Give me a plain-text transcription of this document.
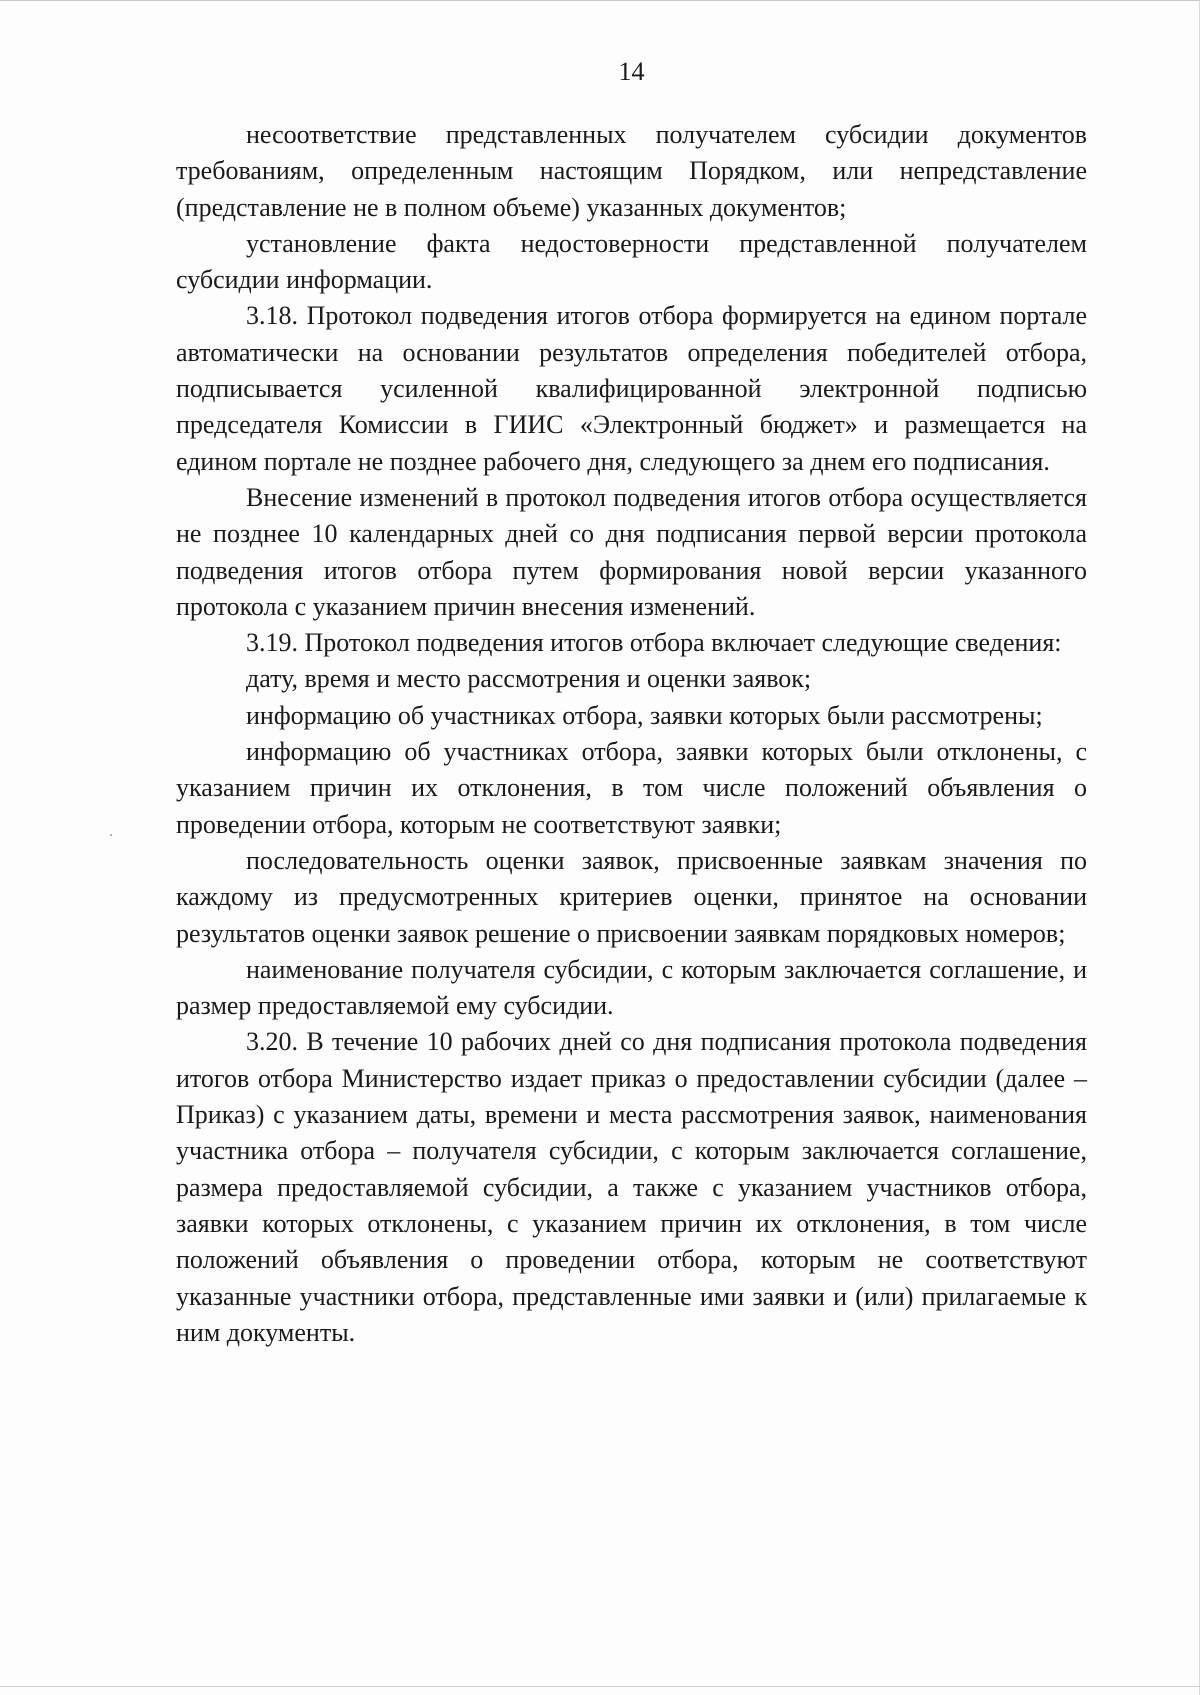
14

несоответствие представленных получателем субсидии документов требованиям, определенным настоящим Порядком, или непредставление (представление не в полном объеме) указанных документов;

установление факта недостоверности представленной получателем субсидии информации.

3.18. Протокол подведения итогов отбора формируется на едином портале автоматически на основании результатов определения победителей отбора, подписывается усиленной квалифицированной электронной подписью председателя Комиссии в ГИИС «Электронный бюджет» и размещается на едином портале не позднее рабочего дня, следующего за днем его подписания.

Внесение изменений в протокол подведения итогов отбора осуществляется не позднее 10 календарных дней со дня подписания первой версии протокола подведения итогов отбора путем формирования новой версии указанного протокола с указанием причин внесения изменений.

3.19. Протокол подведения итогов отбора включает следующие сведения:

дату, время и место рассмотрения и оценки заявок;

информацию об участниках отбора, заявки которых были рассмотрены;

информацию об участниках отбора, заявки которых были отклонены, с указанием причин их отклонения, в том числе положений объявления о проведении отбора, которым не соответствуют заявки;

последовательность оценки заявок, присвоенные заявкам значения по каждому из предусмотренных критериев оценки, принятое на основании результатов оценки заявок решение о присвоении заявкам порядковых номеров;

наименование получателя субсидии, с которым заключается соглашение, и размер предоставляемой ему субсидии.

3.20. В течение 10 рабочих дней со дня подписания протокола подведения итогов отбора Министерство издает приказ о предоставлении субсидии (далее – Приказ) с указанием даты, времени и места рассмотрения заявок, наименования участника отбора – получателя субсидии, с которым заключается соглашение, размера предоставляемой субсидии, а также с указанием участников отбора, заявки которых отклонены, с указанием причин их отклонения, в том числе положений объявления о проведении отбора, которым не соответствуют указанные участники отбора, представленные ими заявки и (или) прилагаемые к ним документы.
